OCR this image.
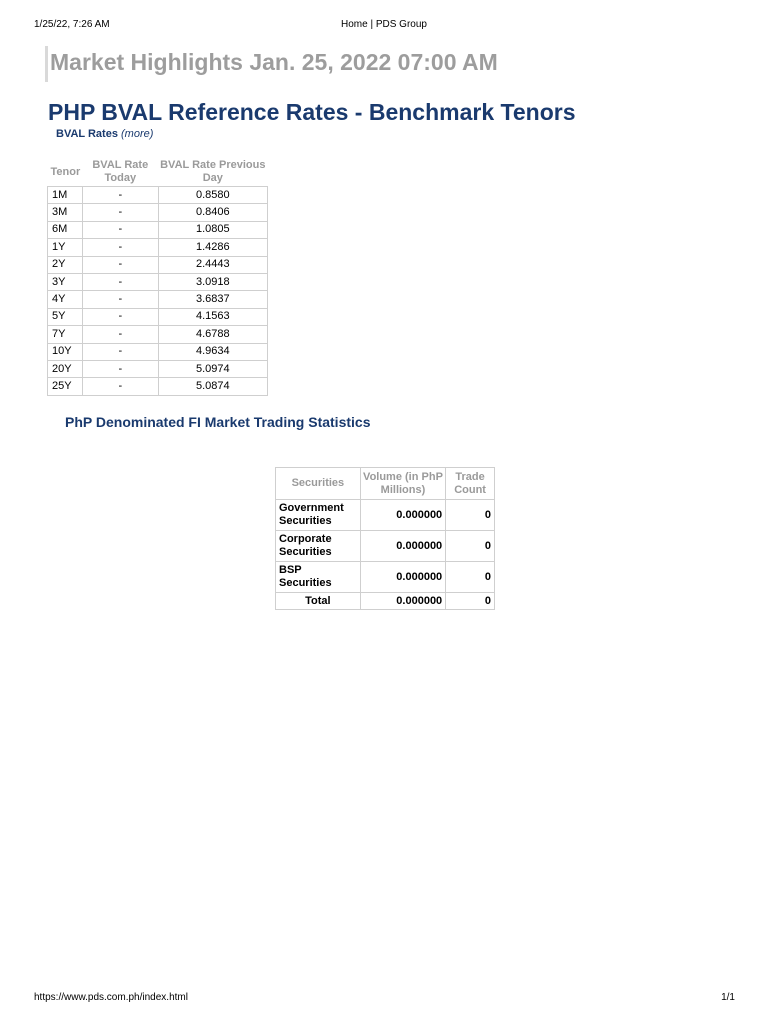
Home | PDS Group
1/25/22, 7:26 AM
Market Highlights Jan. 25, 2022 07:00 AM
PHP BVAL Reference Rates - Benchmark Tenors
BVAL Rates (more)
Tenor	BVAL Rate Today	BVAL Rate Previous Day
1M	-	0.8580
3M	-	0.8406
6M	-	1.0805
1Y	-	1.4286
2Y	-	2.4443
3Y	-	3.0918
4Y	-	3.6837
5Y	-	4.1563
7Y	-	4.6788
10Y	-	4.9634
20Y	-	5.0974
25Y	-	5.0874
PhP Denominated FI Market Trading Statistics
Securities	Volume (in PhP Millions)	Trade Count
Government Securities	0.000000	0
Corporate Securities	0.000000	0
BSP Securities	0.000000	0
Total	0.000000	0
https://www.pds.com.ph/index.html	1/1
